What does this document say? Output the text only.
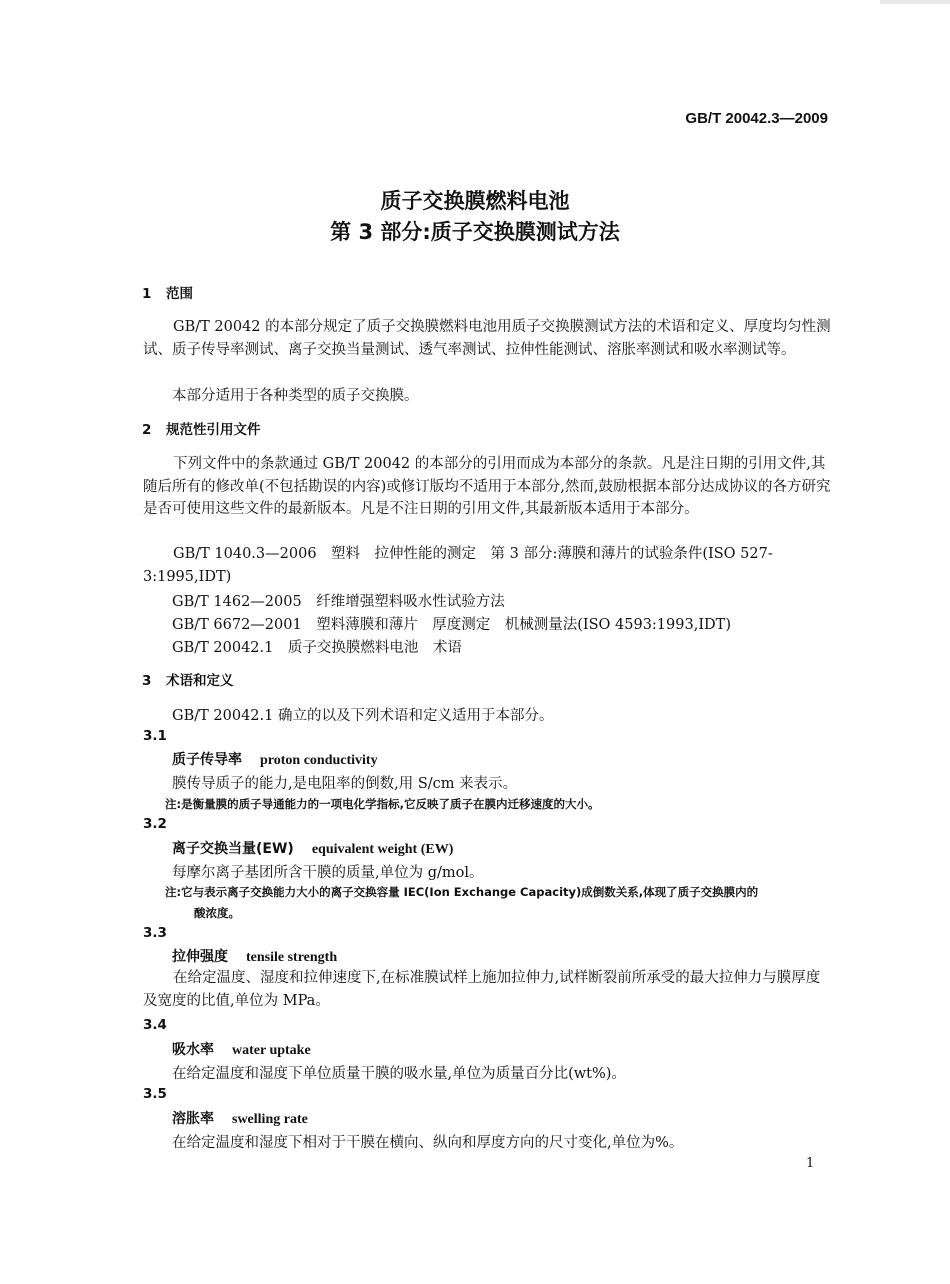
GB/T 20042.3—2009
质子交换膜燃料电池
第 3 部分:质子交换膜测试方法
1 范围
GB/T 20042 的本部分规定了质子交换膜燃料电池用质子交换膜测试方法的术语和定义、厚度均匀性测试、质子传导率测试、离子交换当量测试、透气率测试、拉伸性能测试、溶胀率测试和吸水率测试等。
本部分适用于各种类型的质子交换膜。
2 规范性引用文件
下列文件中的条款通过 GB/T 20042 的本部分的引用而成为本部分的条款。凡是注日期的引用文件,其随后所有的修改单(不包括勘误的内容)或修订版均不适用于本部分,然而,鼓励根据本部分达成协议的各方研究是否可使用这些文件的最新版本。凡是不注日期的引用文件,其最新版本适用于本部分。
GB/T 1040.3—2006　塑料　拉伸性能的测定　第 3 部分:薄膜和薄片的试验条件(ISO 527-3:1995,IDT)
GB/T 1462—2005　纤维增强塑料吸水性试验方法
GB/T 6672—2001　塑料薄膜和薄片　厚度测定　机械测量法(ISO 4593:1993,IDT)
GB/T 20042.1　质子交换膜燃料电池　术语
3 术语和定义
GB/T 20042.1 确立的以及下列术语和定义适用于本部分。
3.1
质子传导率 proton conductivity
膜传导质子的能力,是电阻率的倒数,用 S/cm 来表示。
注:是衡量膜的质子导通能力的一项电化学指标,它反映了质子在膜内迁移速度的大小。
3.2
离子交换当量(EW) equivalent weight (EW)
每摩尔离子基团所含干膜的质量,单位为 g/mol。
注:它与表示离子交换能力大小的离子交换容量 IEC(Ion Exchange Capacity)成倒数关系,体现了质子交换膜内的
酸浓度。
3.3
拉伸强度 tensile strength
在给定温度、湿度和拉伸速度下,在标准膜试样上施加拉伸力,试样断裂前所承受的最大拉伸力与膜厚度及宽度的比值,单位为 MPa。
3.4
吸水率 water uptake
在给定温度和湿度下单位质量干膜的吸水量,单位为质量百分比(wt%)。
3.5
溶胀率 swelling rate
在给定温度和湿度下相对于干膜在横向、纵向和厚度方向的尺寸变化,单位为%。
1
